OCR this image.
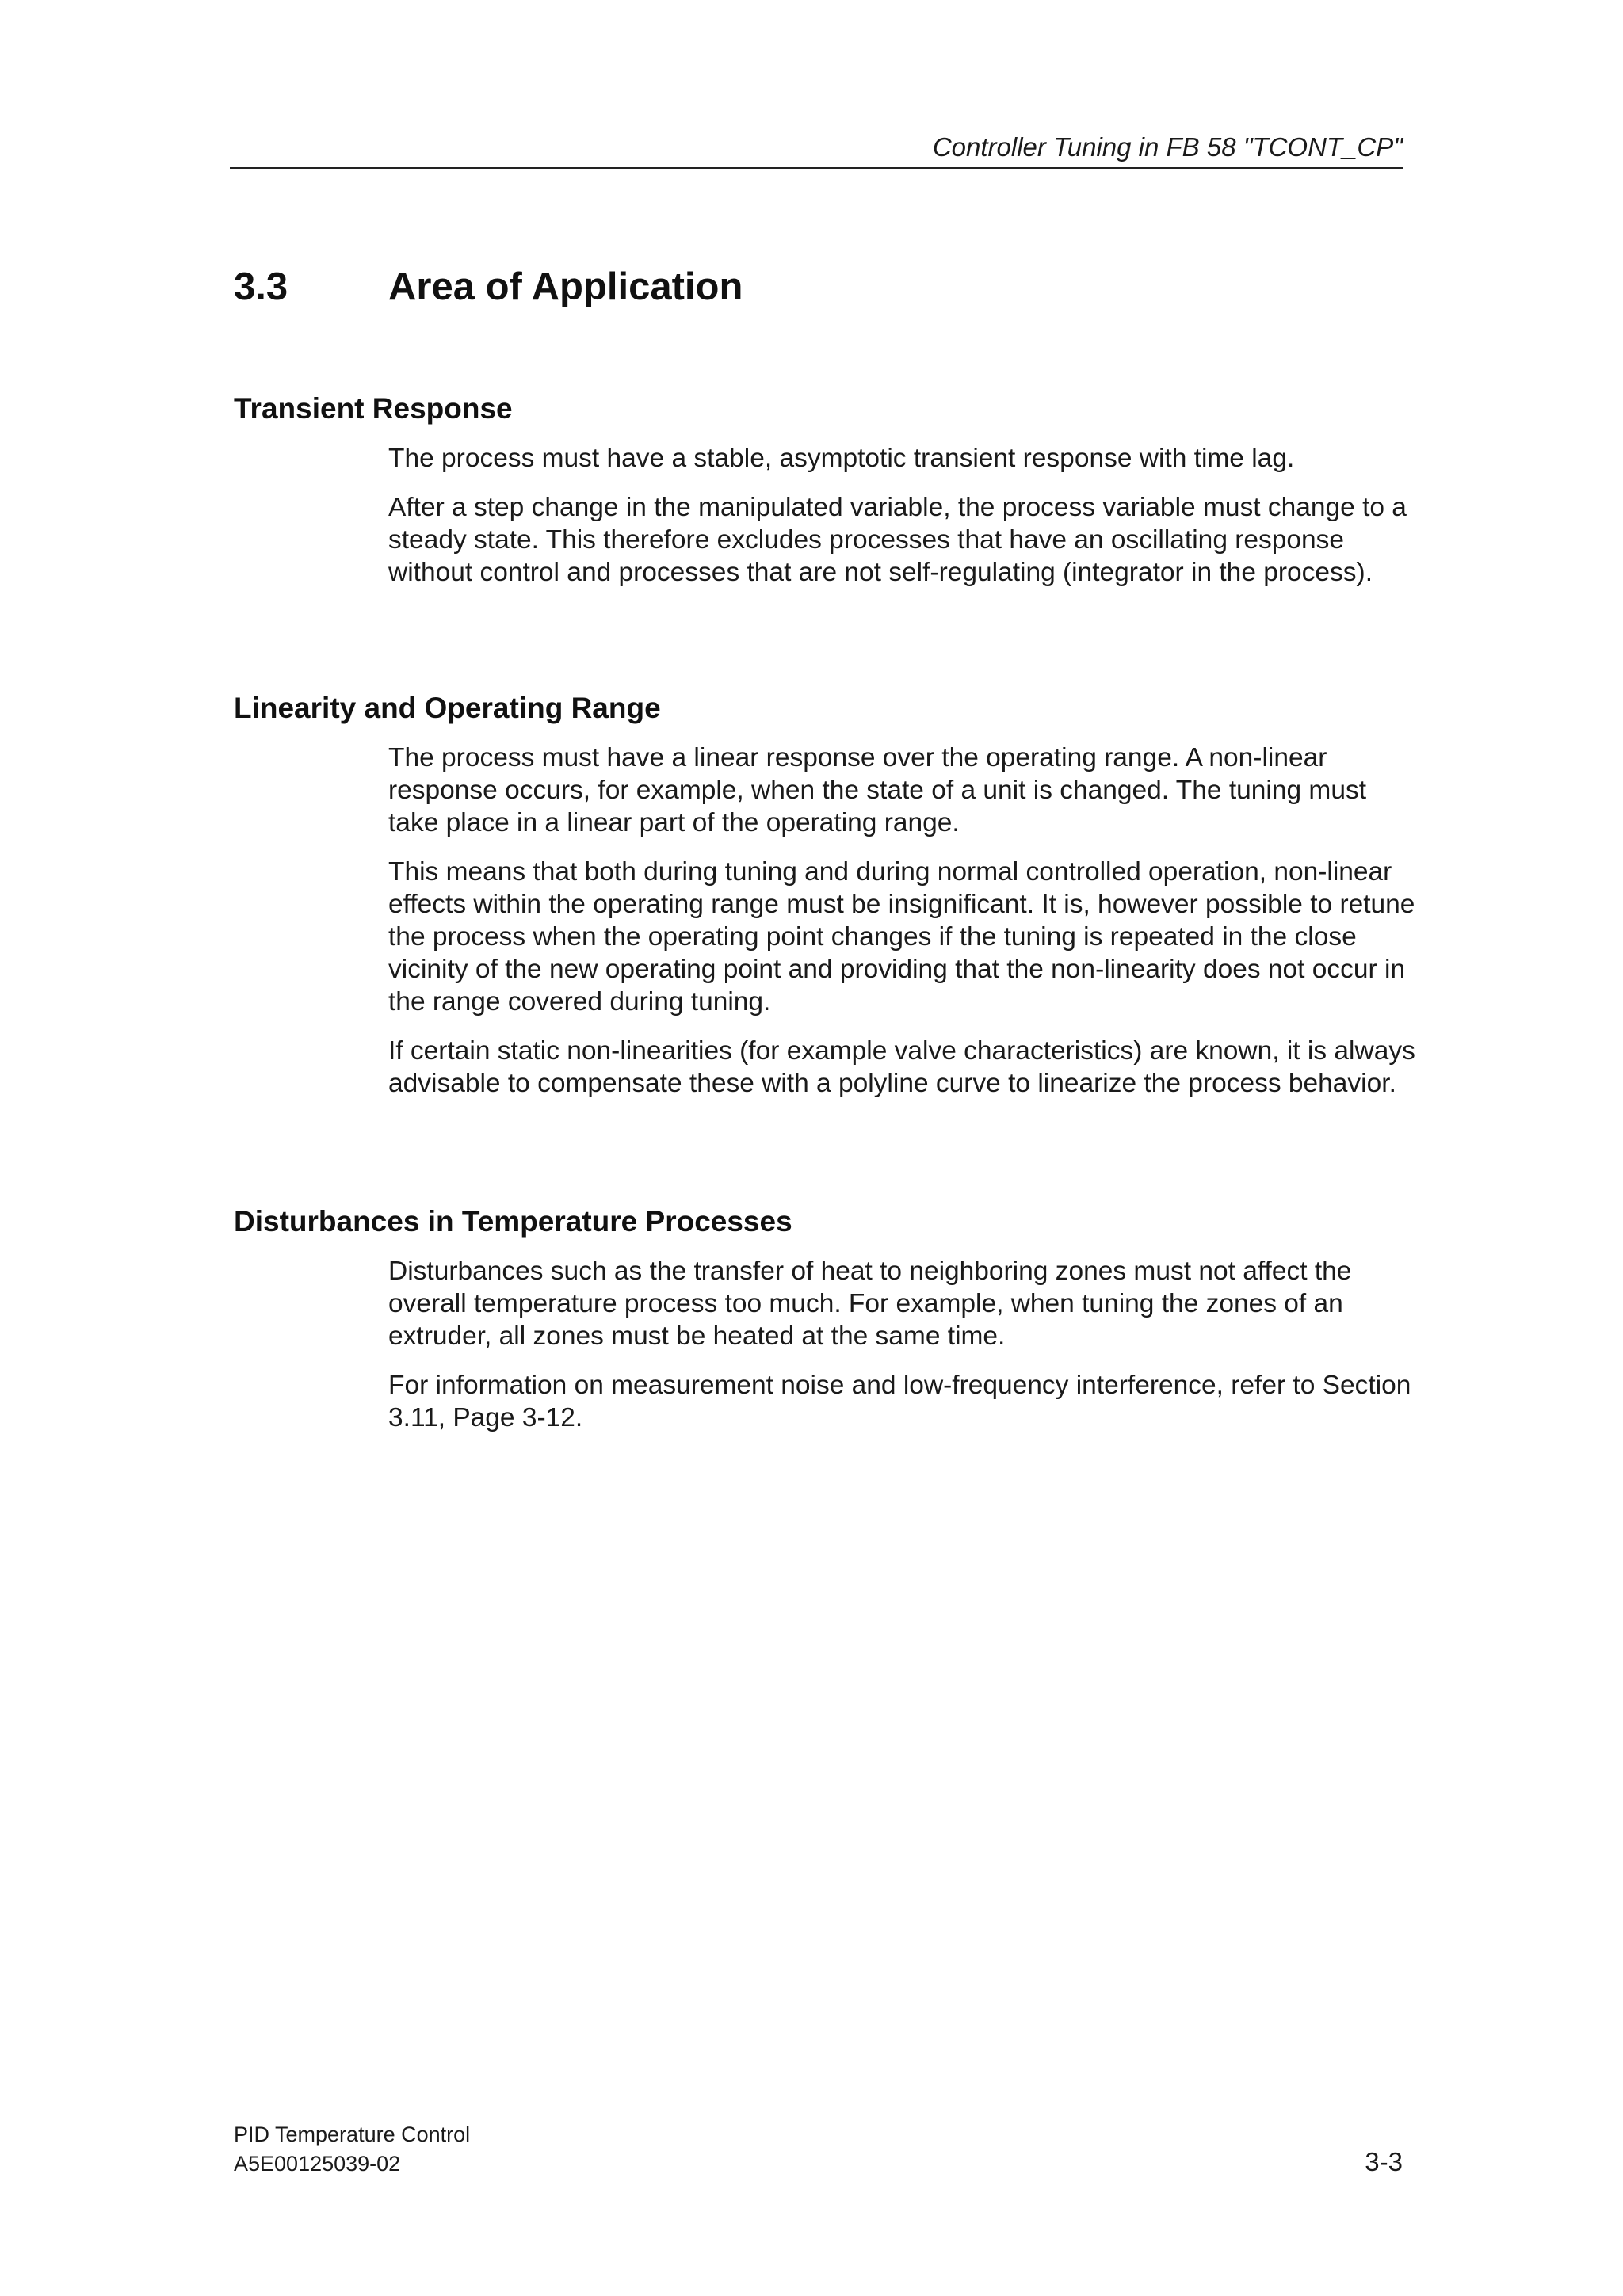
Controller Tuning in FB 58 "TCONT_CP"
3.3	Area of Application
Transient Response

The process must have a stable, asymptotic transient response with time lag.

After a step change in the manipulated variable, the process variable must change to a steady state. This therefore excludes processes that have an oscillating response without control and processes that are not self-regulating (integrator in the process).

Linearity and Operating Range

The process must have a linear response over the operating range. A non-linear response occurs, for example, when the state of a unit is changed. The tuning must take place in a linear part of the operating range.

This means that both during tuning and during normal controlled operation, non-linear effects within the operating range must be insignificant. It is, however possible to retune the process when the operating point changes if the tuning is repeated in the close vicinity of the new operating point and providing that the non-linearity does not occur in the range covered during tuning.

If certain static non-linearities (for example valve characteristics) are known, it is always advisable to compensate these with a polyline curve to linearize the process behavior.

Disturbances in Temperature Processes

Disturbances such as the transfer of heat to neighboring zones must not affect the overall temperature process too much. For example, when tuning the zones of an extruder, all zones must be heated at the same time.

For information on measurement noise and low-frequency interference, refer to Section 3.11, Page 3-12.

PID Temperature Control
A5E00125039-02	3-3
